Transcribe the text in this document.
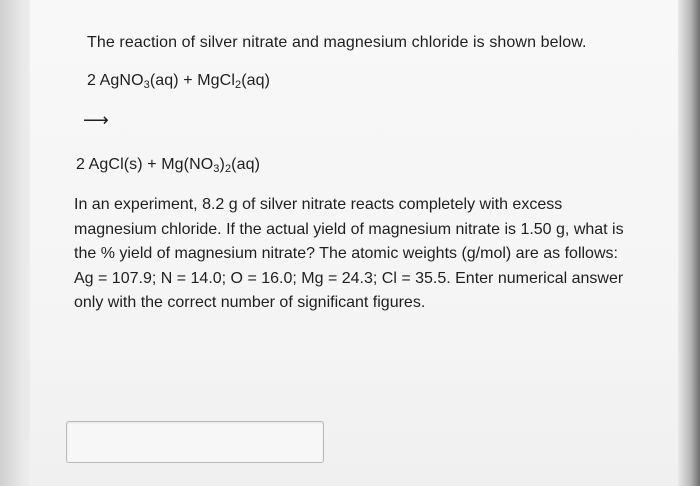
The reaction of silver nitrate and magnesium chloride is shown below.
2 AgNO$_3$(aq) + MgCl$_2$(aq)
⟶
2 AgCl(s) + $Mg(NO_3)_2(aq)$
In an experiment, 8.2 g of silver nitrate reacts completely with excess
magnesium chloride. If the actual yield of magnesium nitrate is 1.50 g, what is
the % yield of magnesium nitrate? The atomic weights (g/mol) are as follows:
Ag = 107.9; N = 14.0; O = 16.0; Mg = 24.3; Cl = 35.5. Enter numerical answer
only with the correct number of significant figures.
